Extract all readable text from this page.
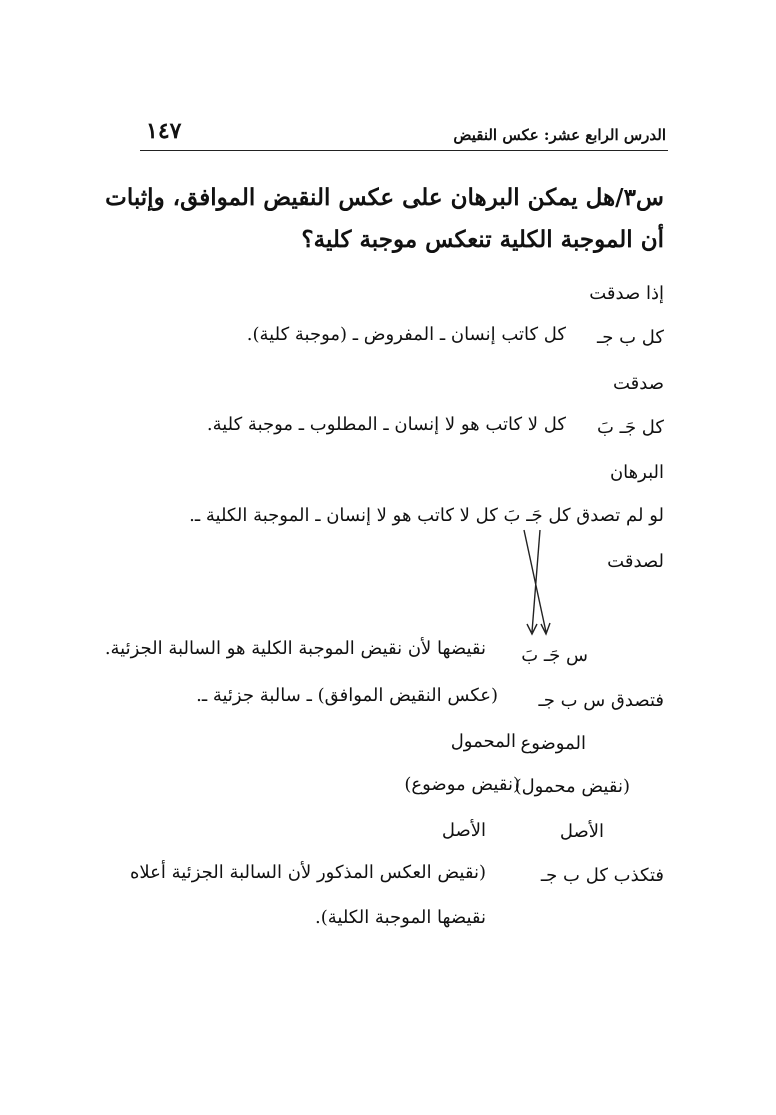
١٤٧	الدرس الرابع عشر: عكس النقيض
س٣/هل يمكن البرهان على عكس النقيض الموافق، وإثبات
أن الموجبة الكلية تنعكس موجبة كلية؟
إذا صدقت
كل ب جـ
كل كاتب إنسان ـ المفروض ـ (موجبة كلية).
صدقت
كل جَـ بَ
كل لا كاتب هو لا إنسان ـ المطلوب ـ موجبة كلية.
البرهان
لو لم تصدق كل جَـ بَ كل لا كاتب هو لا إنسان ـ الموجبة الكلية ـ.
لصدقت
س جَـ بَ
نقيضها لأن نقيض الموجبة الكلية هو السالبة الجزئية.
فتصدق س ب جـ
(عكس النقيض الموافق) ـ سالبة جزئية ـ.
الموضوع
المحمول
(نقيض محمول)
(نقيض موضوع)
الأصل
الأصل
فتكذب كل ب جـ
(نقيض العكس المذكور لأن السالبة الجزئية أعلاه
نقيضها الموجبة الكلية).
